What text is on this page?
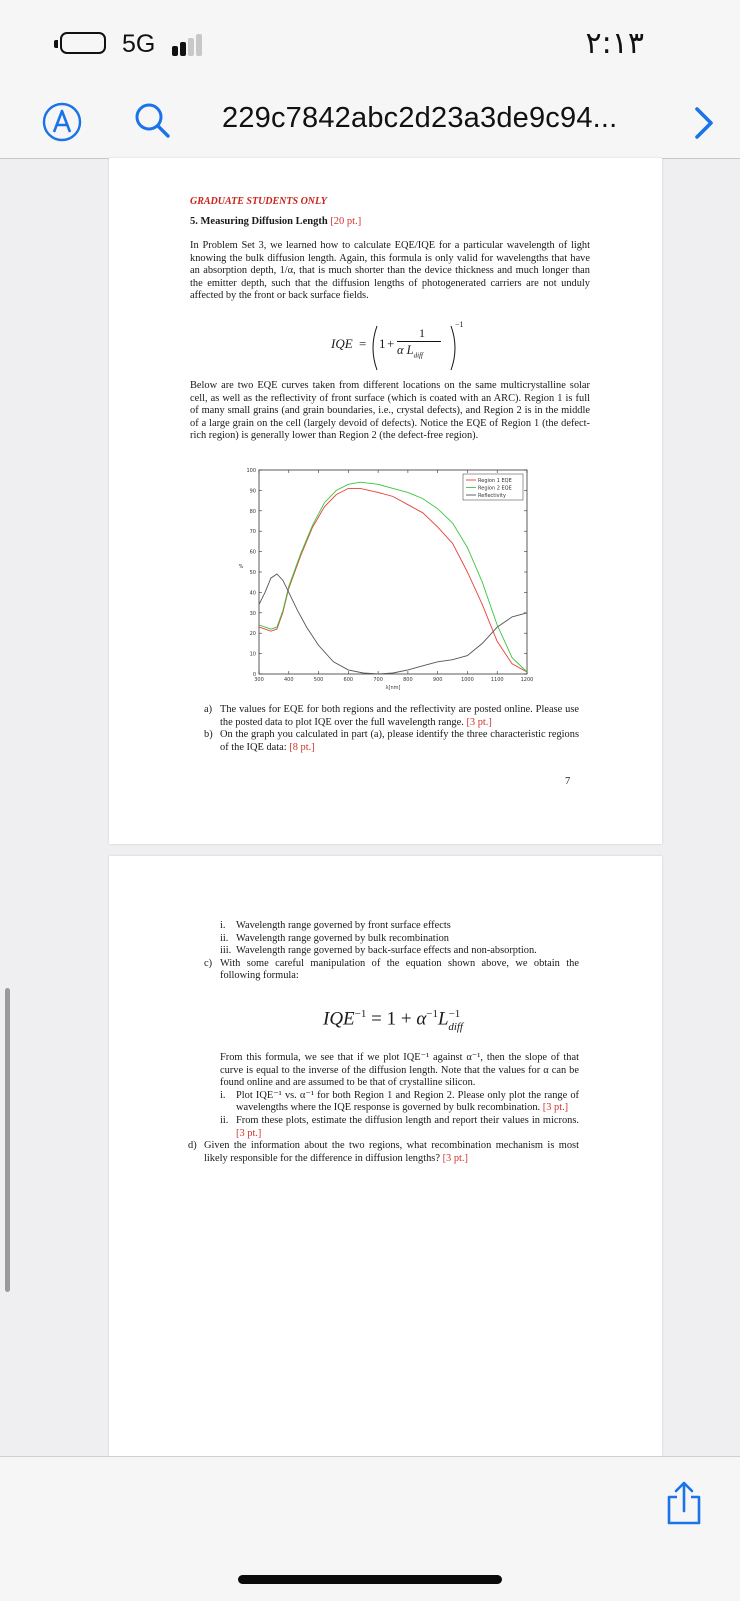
5G	٢:١٣
229c7842abc2d23a3de9c94...
GRADUATE STUDENTS ONLY
5. Measuring Diffusion Length [20 pt.]

In Problem Set 3, we learned how to calculate EQE/IQE for a particular wavelength of light knowing the bulk diffusion length. Again, this formula is only valid for wavelengths that have an absorption depth, 1/α, that is much shorter than the device thickness and much longer than the emitter depth, such that the diffusion lengths of photogenerated carriers are not unduly affected by the front or back surface fields.

IQE = 1 +
1
α $L_{diff}$
−1

Below are two EQE curves taken from different locations on the same multicrystalline solar cell, as well as the reflectivity of front surface (which is coated with an ARC). Region 1 is full of many small grains (and grain boundaries, i.e., crystal defects), and Region 2 is in the middle of a large grain on the cell (largely devoid of defects). Notice the EQE of Region 1 (the defect-rich region) is generally lower than Region 2 (the defect-free region).

0
10
20
30
40
50
60
70
80
90
100
300	400	500	600	700	800	900	1000	1100	1200
λ[nm]
%
Region 1 EQE
Region 2 EQE
Reflectivity
a) The values for EQE for both regions and the reflectivity are posted online. Please use the posted data to plot IQE over the full wavelength range. [3 pt.]
b) On the graph you calculated in part (a), please identify the three characteristic regions of the IQE data: [8 pt.]
7
i. Wavelength range governed by front surface effects
ii. Wavelength range governed by bulk recombination
iii. Wavelength range governed by back-surface effects and non-absorption.
c) With some careful manipulation of the equation shown above, we obtain the following formula:
$IQE^{-1} = 1 + \alpha^{-1}L^{-1}_{diff}$
From this formula, we see that if we plot IQE⁻¹ against α⁻¹, then the slope of that curve is equal to the inverse of the diffusion length. Note that the values for α can be found online and are assumed to be that of crystalline silicon.
i. Plot IQE⁻¹ vs. α⁻¹ for both Region 1 and Region 2. Please only plot the range of wavelengths where the IQE response is governed by bulk recombination. [3 pt.]
ii. From these plots, estimate the diffusion length and report their values in microns. [3 pt.]
d) Given the information about the two regions, what recombination mechanism is most likely responsible for the difference in diffusion lengths? [3 pt.]
